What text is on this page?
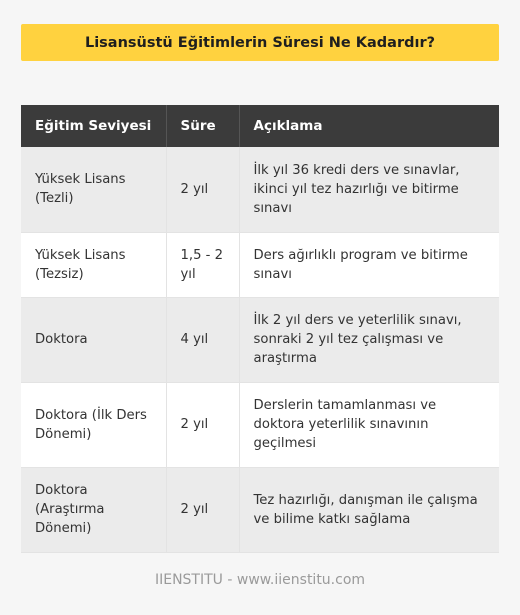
Lisansüstü Eğitimlerin Süresi Ne Kadardır?
Eğitim Seviyesi	Süre	Açıklama
Yüksek Lisans (Tezli)	2 yıl	İlk yıl 36 kredi ders ve sınavlar, ikinci yıl tez hazırlığı ve bitirme sınavı
Yüksek Lisans (Tezsiz)	1,5 - 2 yıl	Ders ağırlıklı program ve bitirme sınavı
Doktora	4 yıl	İlk 2 yıl ders ve yeterlilik sınavı, sonraki 2 yıl tez çalışması ve araştırma
Doktora (İlk Ders Dönemi)	2 yıl	Derslerin tamamlanması ve doktora yeterlilik sınavının geçilmesi
Doktora (Araştırma Dönemi)	2 yıl	Tez hazırlığı, danışman ile çalışma ve bilime katkı sağlama
IIENSTITU - www.iienstitu.com
